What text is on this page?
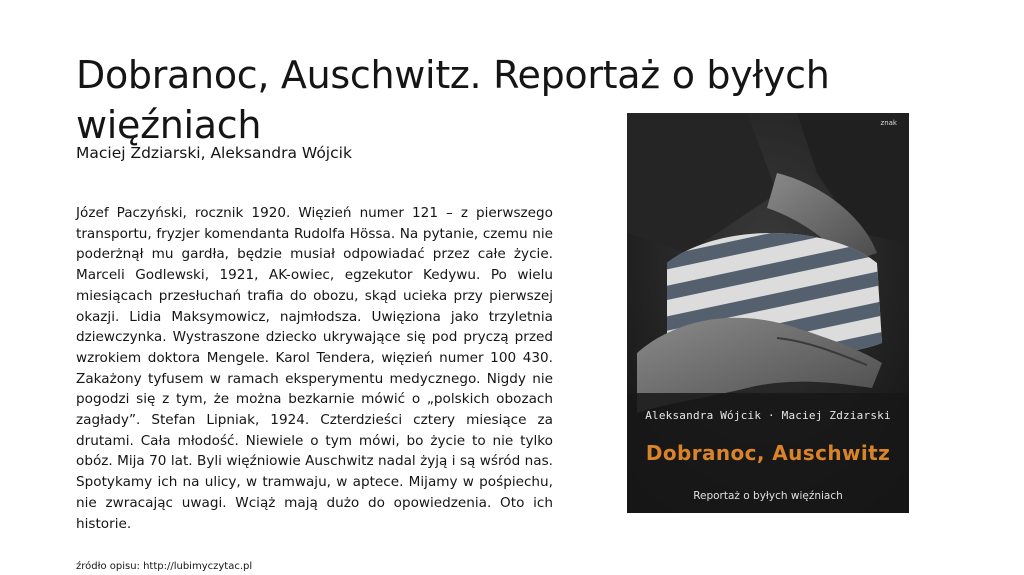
Dobranoc, Auschwitz. Reportaż o byłych więźniach
Maciej Zdziarski, Aleksandra Wójcik

Józef Paczyński, rocznik 1920. Więzień numer 121 – z pierwszego transportu, fryzjer komendanta Rudolfa Hössa. Na pytanie, czemu nie poderżnął mu gardła, będzie musiał odpowiadać przez całe życie. Marceli Godlewski, 1921, AK-owiec, egzekutor Kedywu. Po wielu miesiącach przesłuchań trafia do obozu, skąd ucieka przy pierwszej okazji. Lidia Maksymowicz, najmłodsza. Uwięziona jako trzyletnia dziewczynka. Wystraszone dziecko ukrywające się pod pryczą przed wzrokiem doktora Mengele. Karol Tendera, więzień numer 100 430. Zakażony tyfusem w ramach eksperymentu medycznego. Nigdy nie pogodzi się z tym, że można bezkarnie mówić o „polskich obozach zagłady”. Stefan Lipniak, 1924. Czterdzieści cztery miesiące za drutami. Cała młodość. Niewiele o tym mówi, bo życie to nie tylko obóz. Mija 70 lat. Byli więźniowie Auschwitz nadal żyją i są wśród nas. Spotykamy ich na ulicy, w tramwaju, w aptece. Mijamy w pośpiechu, nie zwracając uwagi. Wciąż mają dużo do opowiedzenia. Oto ich historie.

źródło opisu: http://lubimyczytac.pl
znak
Aleksandra Wójcik · Maciej Zdziarski
Dobranoc, Auschwitz
Reportaż o byłych więźniach
